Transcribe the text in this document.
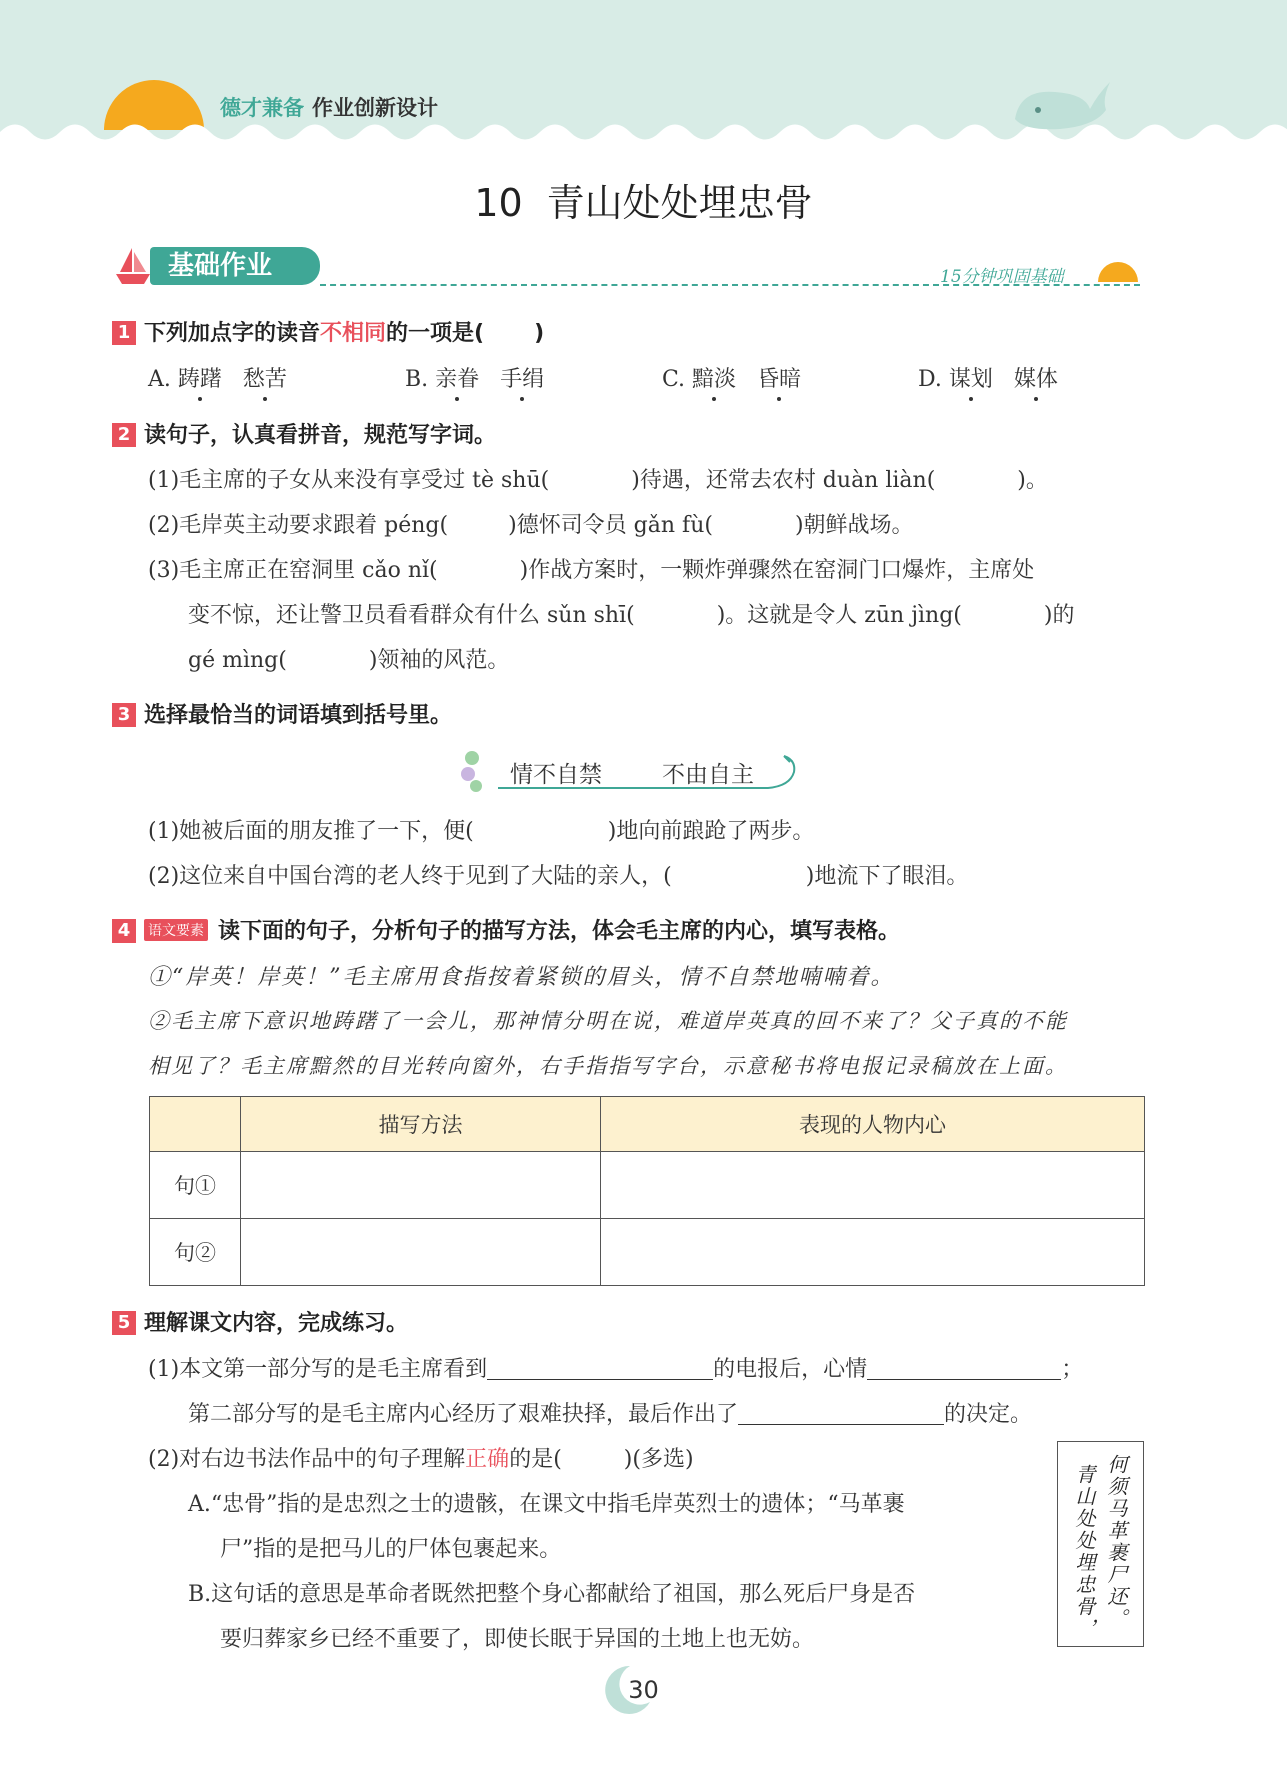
德才兼备 作业创新设计
10 青山处处埋忠骨
基础作业	15分钟巩固基础
1 下列加点字的读音不相同的一项是( )
A. 踌躇 愁苦	B. 亲眷 手绢	C. 黯淡 昏暗	D. 谋划 媒体
2 读句子，认真看拼音，规范写字词。
(1)毛主席的子女从来没有享受过 tè shū(	)待遇，还常去农村 duàn liàn(	)。
(2)毛岸英主动要求跟着 péng(	)德怀司令员 gǎn fù(	)朝鲜战场。
(3)毛主席正在窑洞里 cǎo nǐ(	)作战方案时，一颗炸弹骤然在窑洞门口爆炸，主席处
变不惊，还让警卫员看看群众有什么 sǔn shī(	)。这就是令人 zūn jìng(	)的
gé mìng(	)领袖的风范。
3 选择最恰当的词语填到括号里。
情不自禁	不由自主
(1)她被后面的朋友推了一下，便(	)地向前踉跄了两步。
(2)这位来自中国台湾的老人终于见到了大陆的亲人，(	)地流下了眼泪。
4 语文要素 读下面的句子，分析句子的描写方法，体会毛主席的内心，填写表格。
①“岸英！岸英！”毛主席用食指按着紧锁的眉头，情不自禁地喃喃着。
②毛主席下意识地踌躇了一会儿，那神情分明在说，难道岸英真的回不来了？父子真的不能
相见了？毛主席黯然的目光转向窗外，右手指指写字台，示意秘书将电报记录稿放在上面。
	描写方法	表现的人物内心
句①		
句②		
5 理解课文内容，完成练习。
(1)本文第一部分写的是毛主席看到	的电报后，心情	；
第二部分写的是毛主席内心经历了艰难抉择，最后作出了	的决定。
(2)对右边书法作品中的句子理解正确的是(	)(多选)
A.“忠骨”指的是忠烈之士的遗骸，在课文中指毛岸英烈士的遗体；“马革裹
尸”指的是把马儿的尸体包裹起来。
B.这句话的意思是革命者既然把整个身心都献给了祖国，那么死后尸身是否
要归葬家乡已经不重要了，即使长眠于异国的土地上也无妨。
何须马革裹尸还。
青山处处埋忠骨，
30
